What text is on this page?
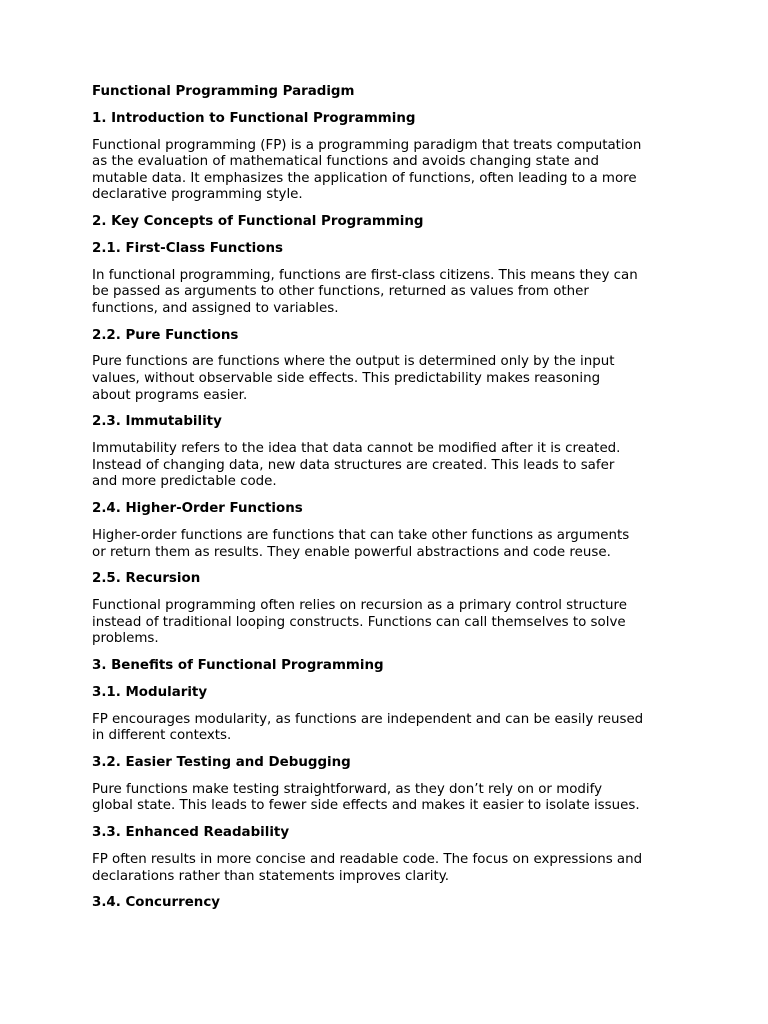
Functional Programming Paradigm
1. Introduction to Functional Programming
Functional programming (FP) is a programming paradigm that treats computation
as the evaluation of mathematical functions and avoids changing state and
mutable data. It emphasizes the application of functions, often leading to a more
declarative programming style.
2. Key Concepts of Functional Programming
2.1. First-Class Functions
In functional programming, functions are first-class citizens. This means they can
be passed as arguments to other functions, returned as values from other
functions, and assigned to variables.
2.2. Pure Functions
Pure functions are functions where the output is determined only by the input
values, without observable side effects. This predictability makes reasoning
about programs easier.
2.3. Immutability
Immutability refers to the idea that data cannot be modified after it is created.
Instead of changing data, new data structures are created. This leads to safer
and more predictable code.
2.4. Higher-Order Functions
Higher-order functions are functions that can take other functions as arguments
or return them as results. They enable powerful abstractions and code reuse.
2.5. Recursion
Functional programming often relies on recursion as a primary control structure
instead of traditional looping constructs. Functions can call themselves to solve
problems.
3. Benefits of Functional Programming
3.1. Modularity
FP encourages modularity, as functions are independent and can be easily reused
in different contexts.
3.2. Easier Testing and Debugging
Pure functions make testing straightforward, as they don’t rely on or modify
global state. This leads to fewer side effects and makes it easier to isolate issues.
3.3. Enhanced Readability
FP often results in more concise and readable code. The focus on expressions and
declarations rather than statements improves clarity.
3.4. Concurrency
